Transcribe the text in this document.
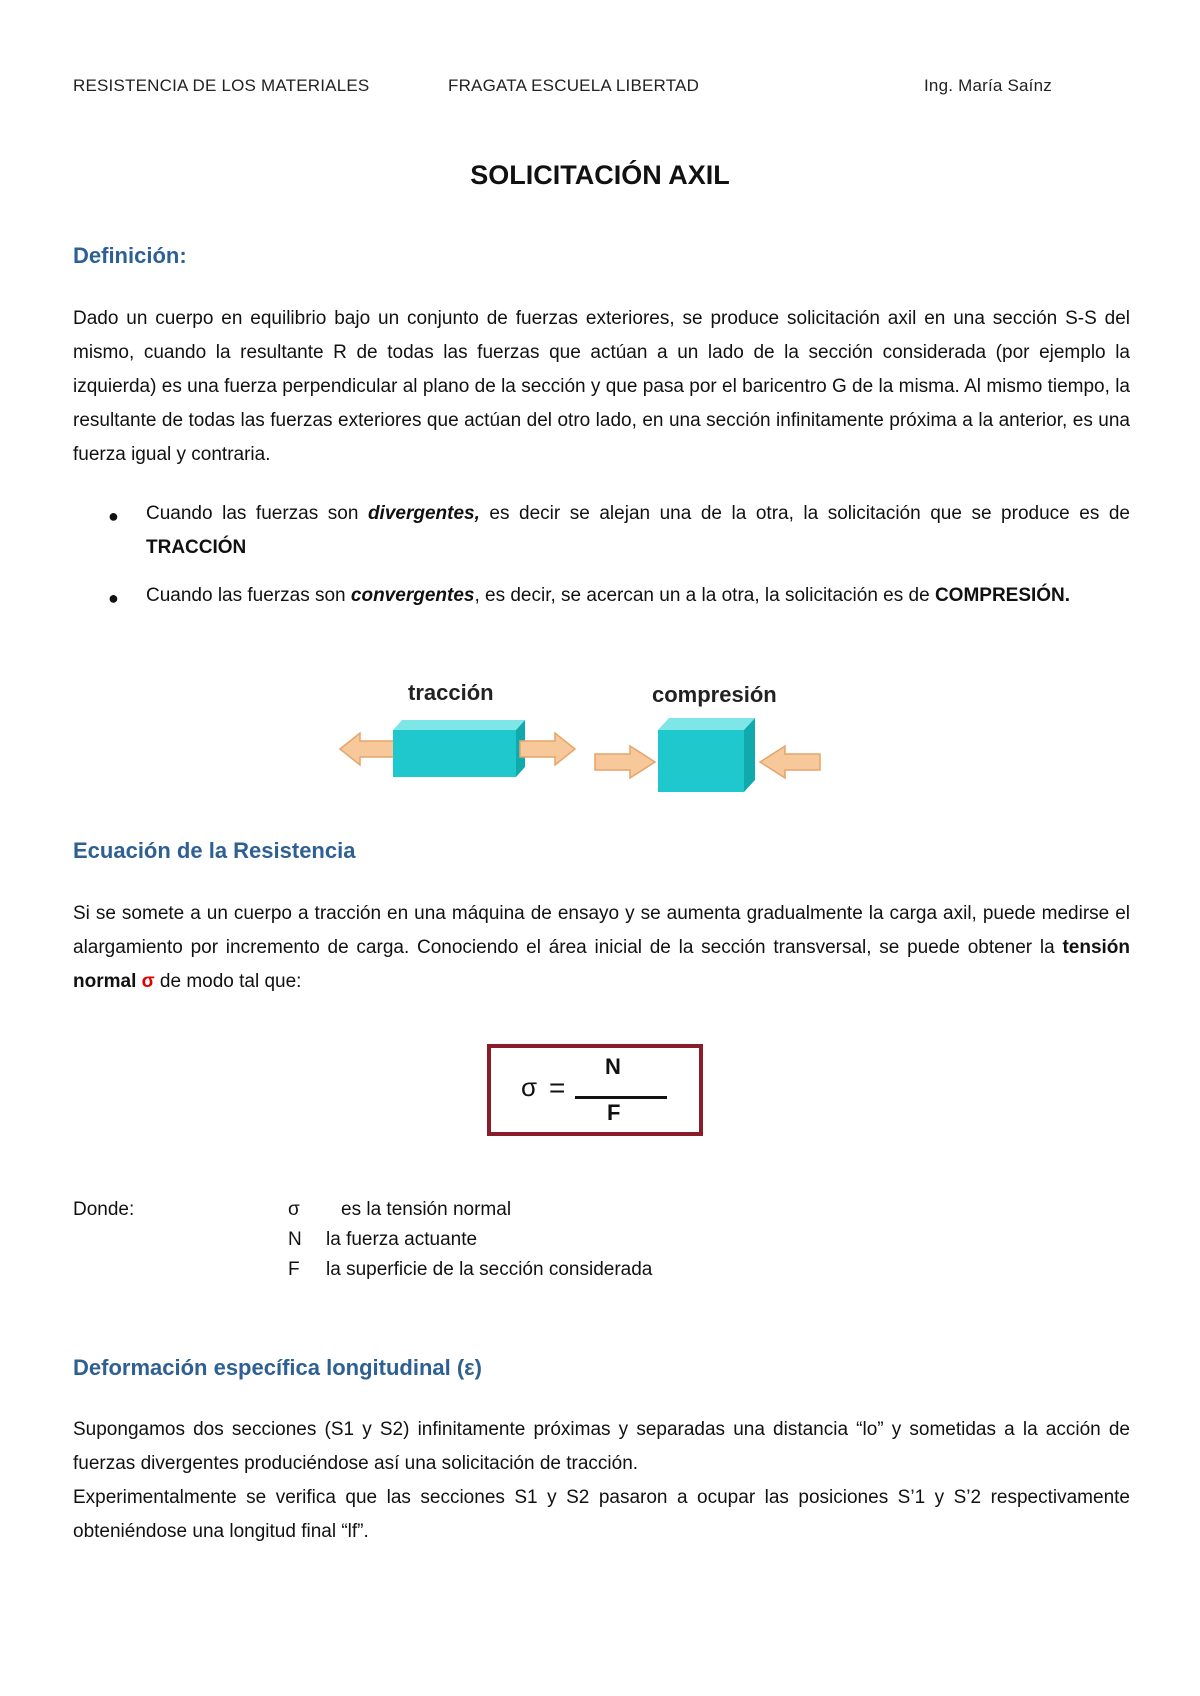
RESISTENCIA DE LOS MATERIALES	FRAGATA ESCUELA LIBERTAD	Ing. María Saínz
SOLICITACIÓN AXIL
Definición:
Dado un cuerpo en equilibrio bajo un conjunto de fuerzas exteriores, se produce solicitación axil en una sección S-S del mismo, cuando la resultante R de todas las fuerzas que actúan a un lado de la sección considerada (por ejemplo la izquierda) es una fuerza perpendicular al plano de la sección y que pasa por el baricentro G de la misma. Al mismo tiempo, la resultante de todas las fuerzas exteriores que actúan del otro lado, en una sección infinitamente próxima a la anterior, es una fuerza igual y contraria.
● Cuando las fuerzas son divergentes, es decir se alejan una de la otra, la solicitación que se produce es de TRACCIÓN
● Cuando las fuerzas son convergentes, es decir, se acercan un a la otra, la solicitación es de COMPRESIÓN.
tracción	compresión
Ecuación de la Resistencia
Si se somete a un cuerpo a tracción en una máquina de ensayo y se aumenta gradualmente la carga axil, puede medirse el alargamiento por incremento de carga. Conociendo el área inicial de la sección transversal, se puede obtener la tensión normal σ de modo tal que:
σ =
N
F
Donde:	σ es la tensión normal
N la fuerza actuante
F la superficie de la sección considerada
Deformación específica longitudinal (ε)
Supongamos dos secciones (S1 y S2) infinitamente próximas y separadas una distancia “lo” y sometidas a la acción de fuerzas divergentes produciéndose así una solicitación de tracción.
Experimentalmente se verifica que las secciones S1 y S2 pasaron a ocupar las posiciones S’1 y S’2 respectivamente obteniéndose una longitud final “lf”.
